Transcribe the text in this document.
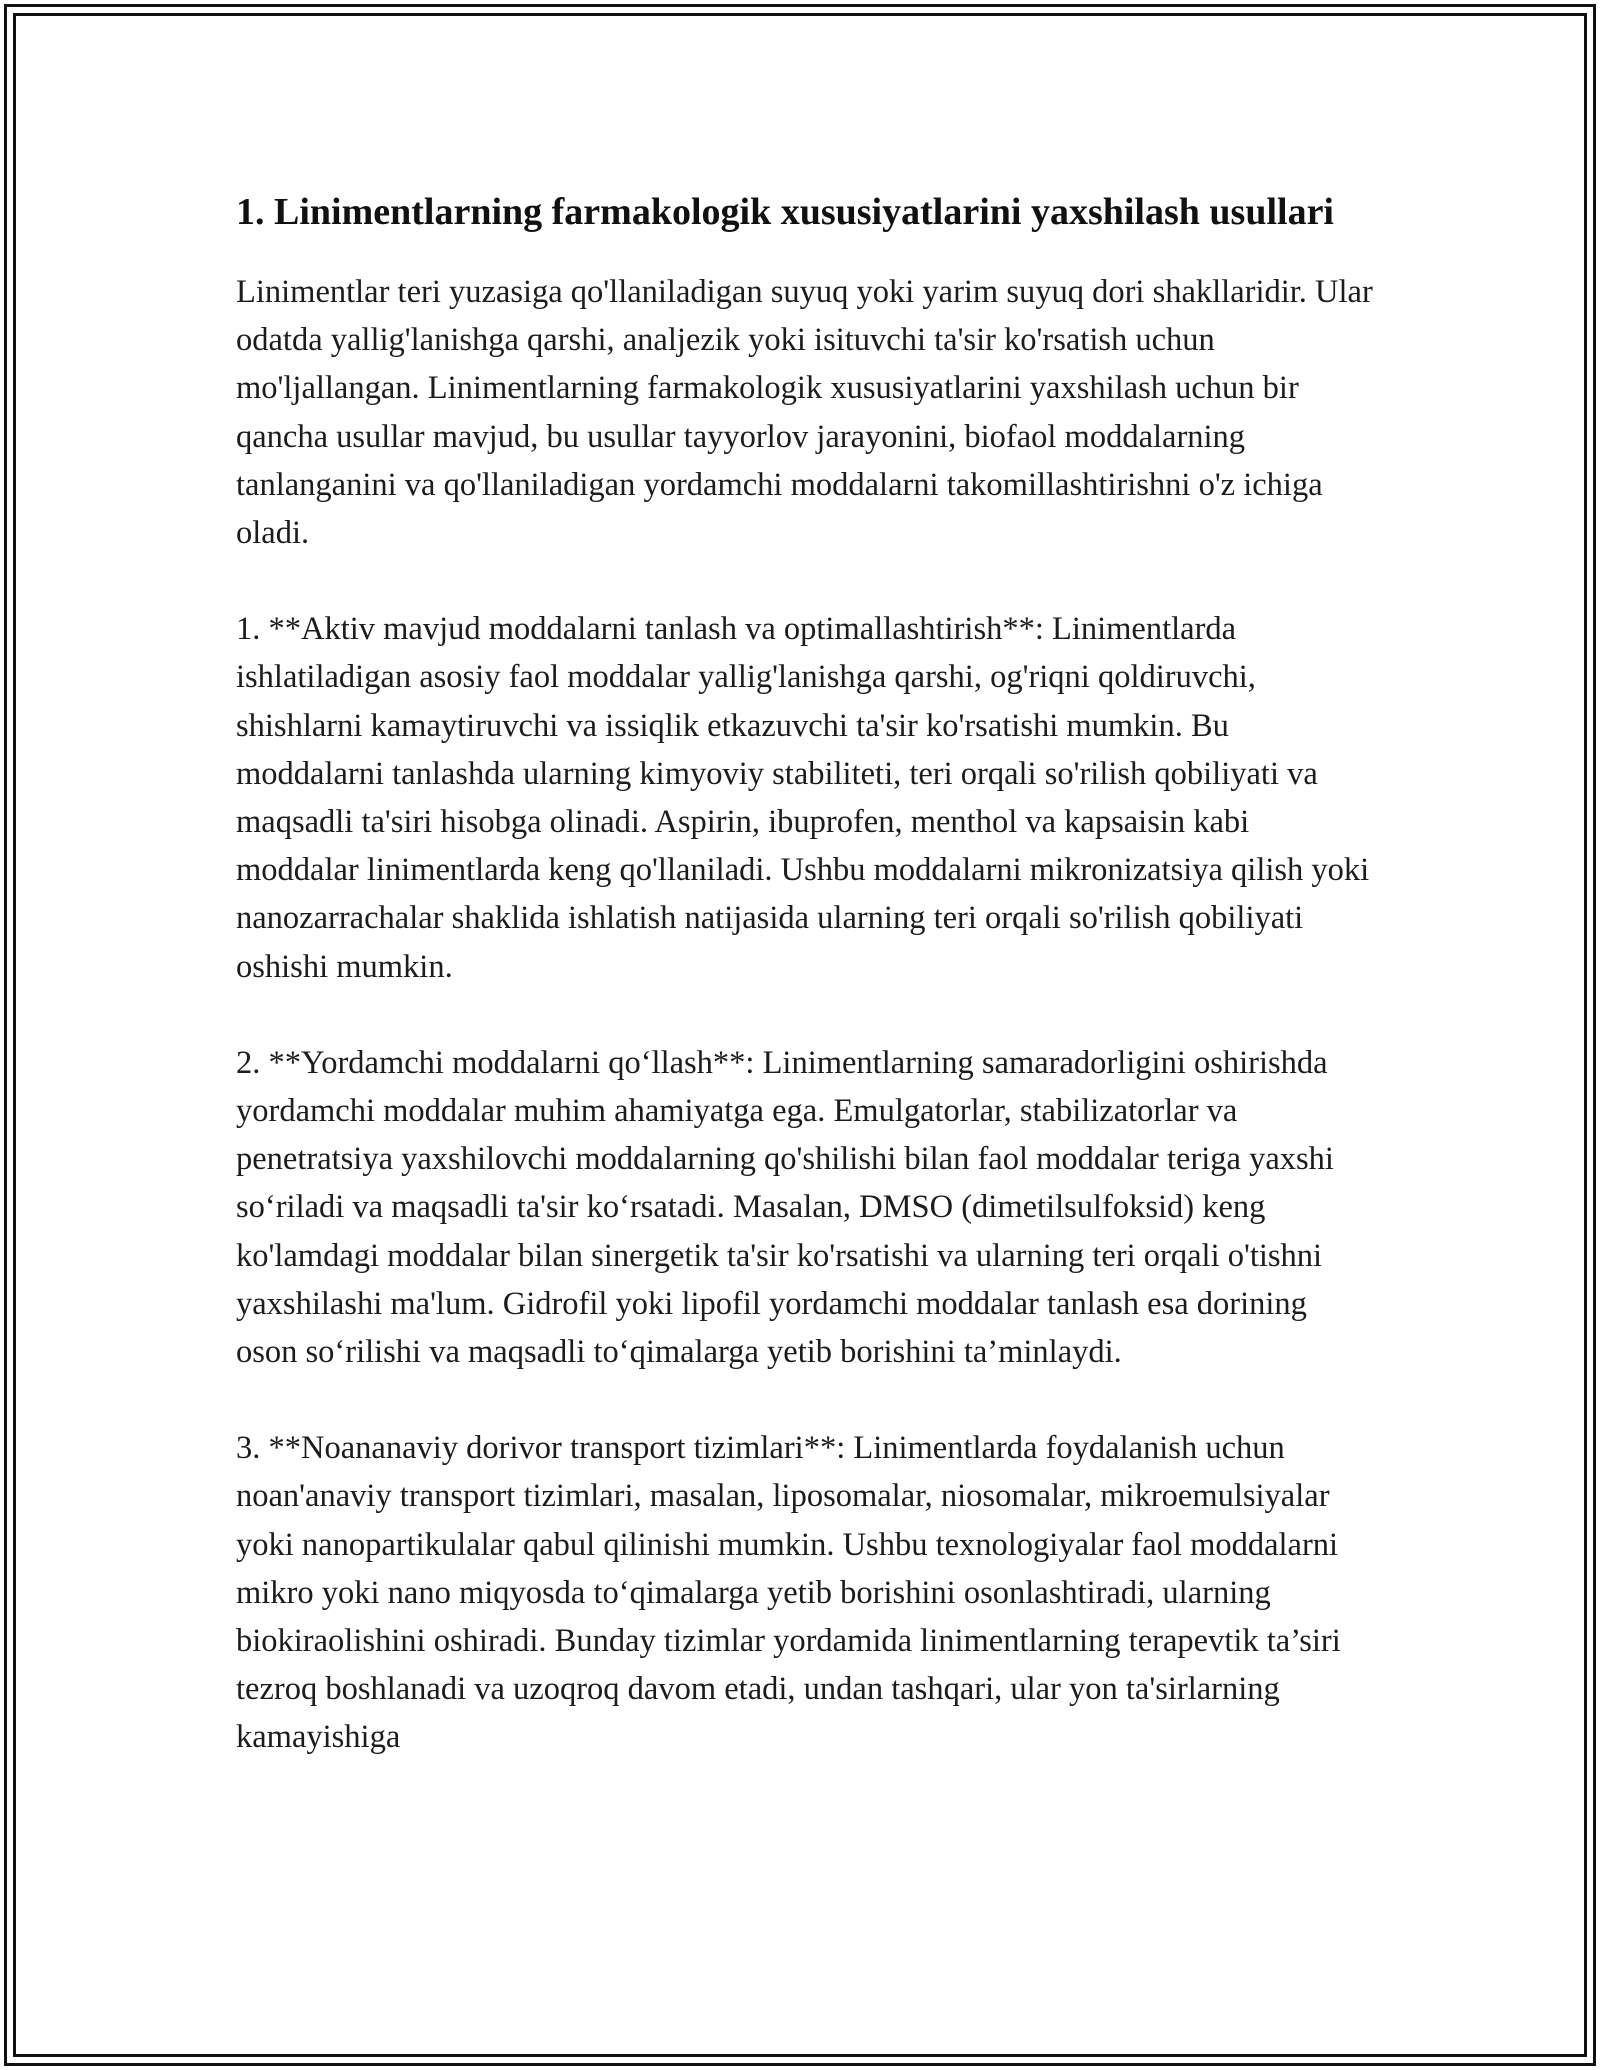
1. Linimentlarning farmakologik xususiyatlarini yaxshilash usullari

Linimentlar teri yuzasiga qo'llaniladigan suyuq yoki yarim suyuq dori shakllaridir. Ular odatda yallig'lanishga qarshi, analjezik yoki isituvchi ta'sir ko'rsatish uchun mo'ljallangan. Linimentlarning farmakologik xususiyatlarini yaxshilash uchun bir qancha usullar mavjud, bu usullar tayyorlov jarayonini, biofaol moddalarning tanlanganini va qo'llaniladigan yordamchi moddalarni takomillashtirishni o'z ichiga oladi.

1. **Aktiv mavjud moddalarni tanlash va optimallashtirish**: Linimentlarda ishlatiladigan asosiy faol moddalar yallig'lanishga qarshi, og'riqni qoldiruvchi, shishlarni kamaytiruvchi va issiqlik etkazuvchi ta'sir ko'rsatishi mumkin. Bu moddalarni tanlashda ularning kimyoviy stabiliteti, teri orqali so'rilish qobiliyati va maqsadli ta'siri hisobga olinadi. Aspirin, ibuprofen, menthol va kapsaisin kabi moddalar linimentlarda keng qo'llaniladi. Ushbu moddalarni mikronizatsiya qilish yoki nanozarrachalar shaklida ishlatish natijasida ularning teri orqali so'rilish qobiliyati oshishi mumkin.

2. **Yordamchi moddalarni qo‘llash**: Linimentlarning samaradorligini oshirishda yordamchi moddalar muhim ahamiyatga ega. Emulgatorlar, stabilizatorlar va penetratsiya yaxshilovchi moddalarning qo'shilishi bilan faol moddalar teriga yaxshi so‘riladi va maqsadli ta'sir ko‘rsatadi. Masalan, DMSO (dimetilsulfoksid) keng ko'lamdagi moddalar bilan sinergetik ta'sir ko'rsatishi va ularning teri orqali o'tishni yaxshilashi ma'lum. Gidrofil yoki lipofil yordamchi moddalar tanlash esa dorining oson so‘rilishi va maqsadli to‘qimalarga yetib borishini ta’minlaydi.

3. **Noananaviy dorivor transport tizimlari**: Linimentlarda foydalanish uchun noan'anaviy transport tizimlari, masalan, liposomalar, niosomalar, mikroemulsiyalar yoki nanopartikulalar qabul qilinishi mumkin. Ushbu texnologiyalar faol moddalarni mikro yoki nano miqyosda to‘qimalarga yetib borishini osonlashtiradi, ularning biokiraolishini oshiradi. Bunday tizimlar yordamida linimentlarning terapevtik ta’siri tezroq boshlanadi va uzoqroq davom etadi, undan tashqari, ular yon ta'sirlarning kamayishiga
